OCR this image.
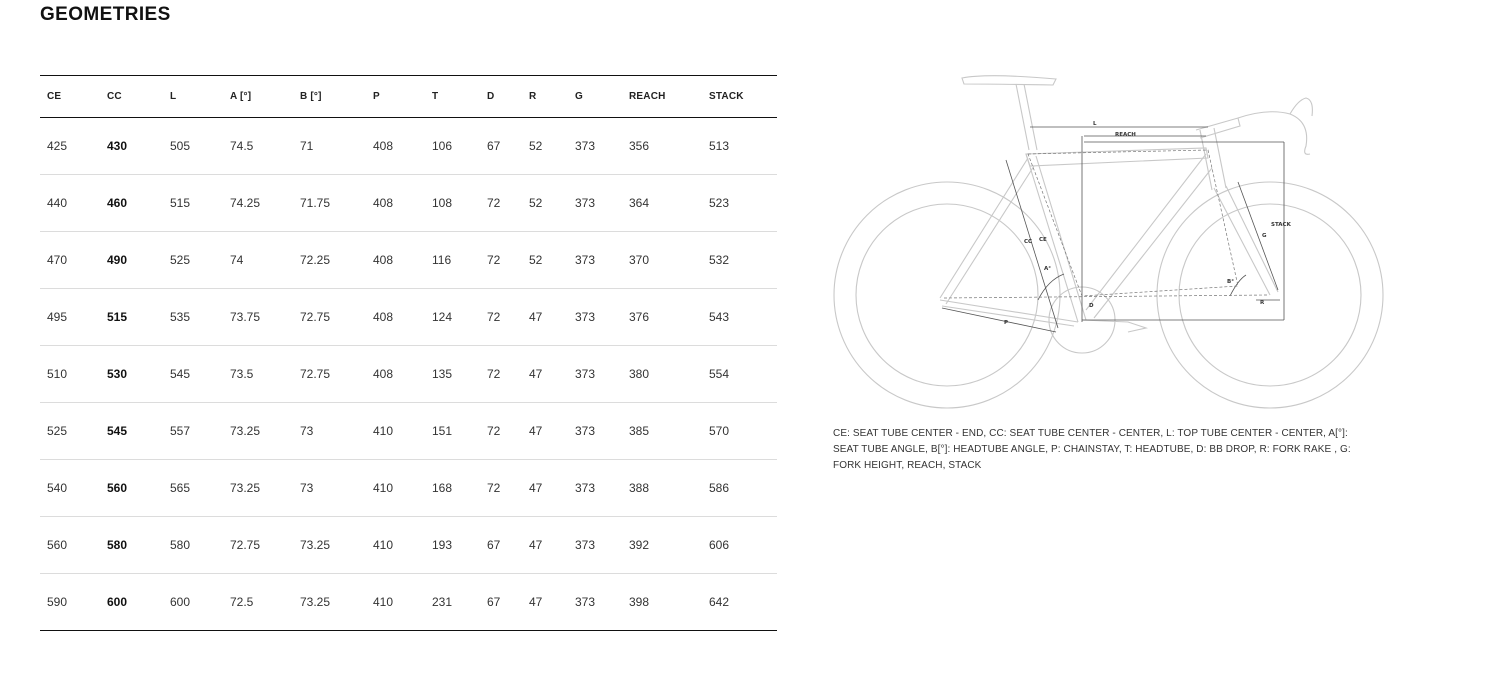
GEOMETRIES
CE	CC	L	A [°]	B [°]	P	T	D	R	G	REACH	STACK
425	430	505	74.5	71	408	106	67	52	373	356	513
440	460	515	74.25	71.75	408	108	72	52	373	364	523
470	490	525	74	72.25	408	116	72	52	373	370	532
495	515	535	73.75	72.75	408	124	72	47	373	376	543
510	530	545	73.5	72.75	408	135	72	47	373	380	554
525	545	557	73.25	73	410	151	72	47	373	385	570
540	560	565	73.25	73	410	168	72	47	373	388	586
560	580	580	72.75	73.25	410	193	67	47	373	392	606
590	600	600	72.5	73.25	410	231	67	47	373	398	642
L
REACH
STACK
CC CE
A°
B°
G
P
D	R

CE: SEAT TUBE CENTER - END, CC: SEAT TUBE CENTER - CENTER, L: TOP TUBE CENTER - CENTER, A[°]: SEAT TUBE ANGLE, B[°]: HEADTUBE ANGLE, P: CHAINSTAY, T: HEADTUBE, D: BB DROP, R: FORK RAKE , G: FORK HEIGHT, REACH, STACK
